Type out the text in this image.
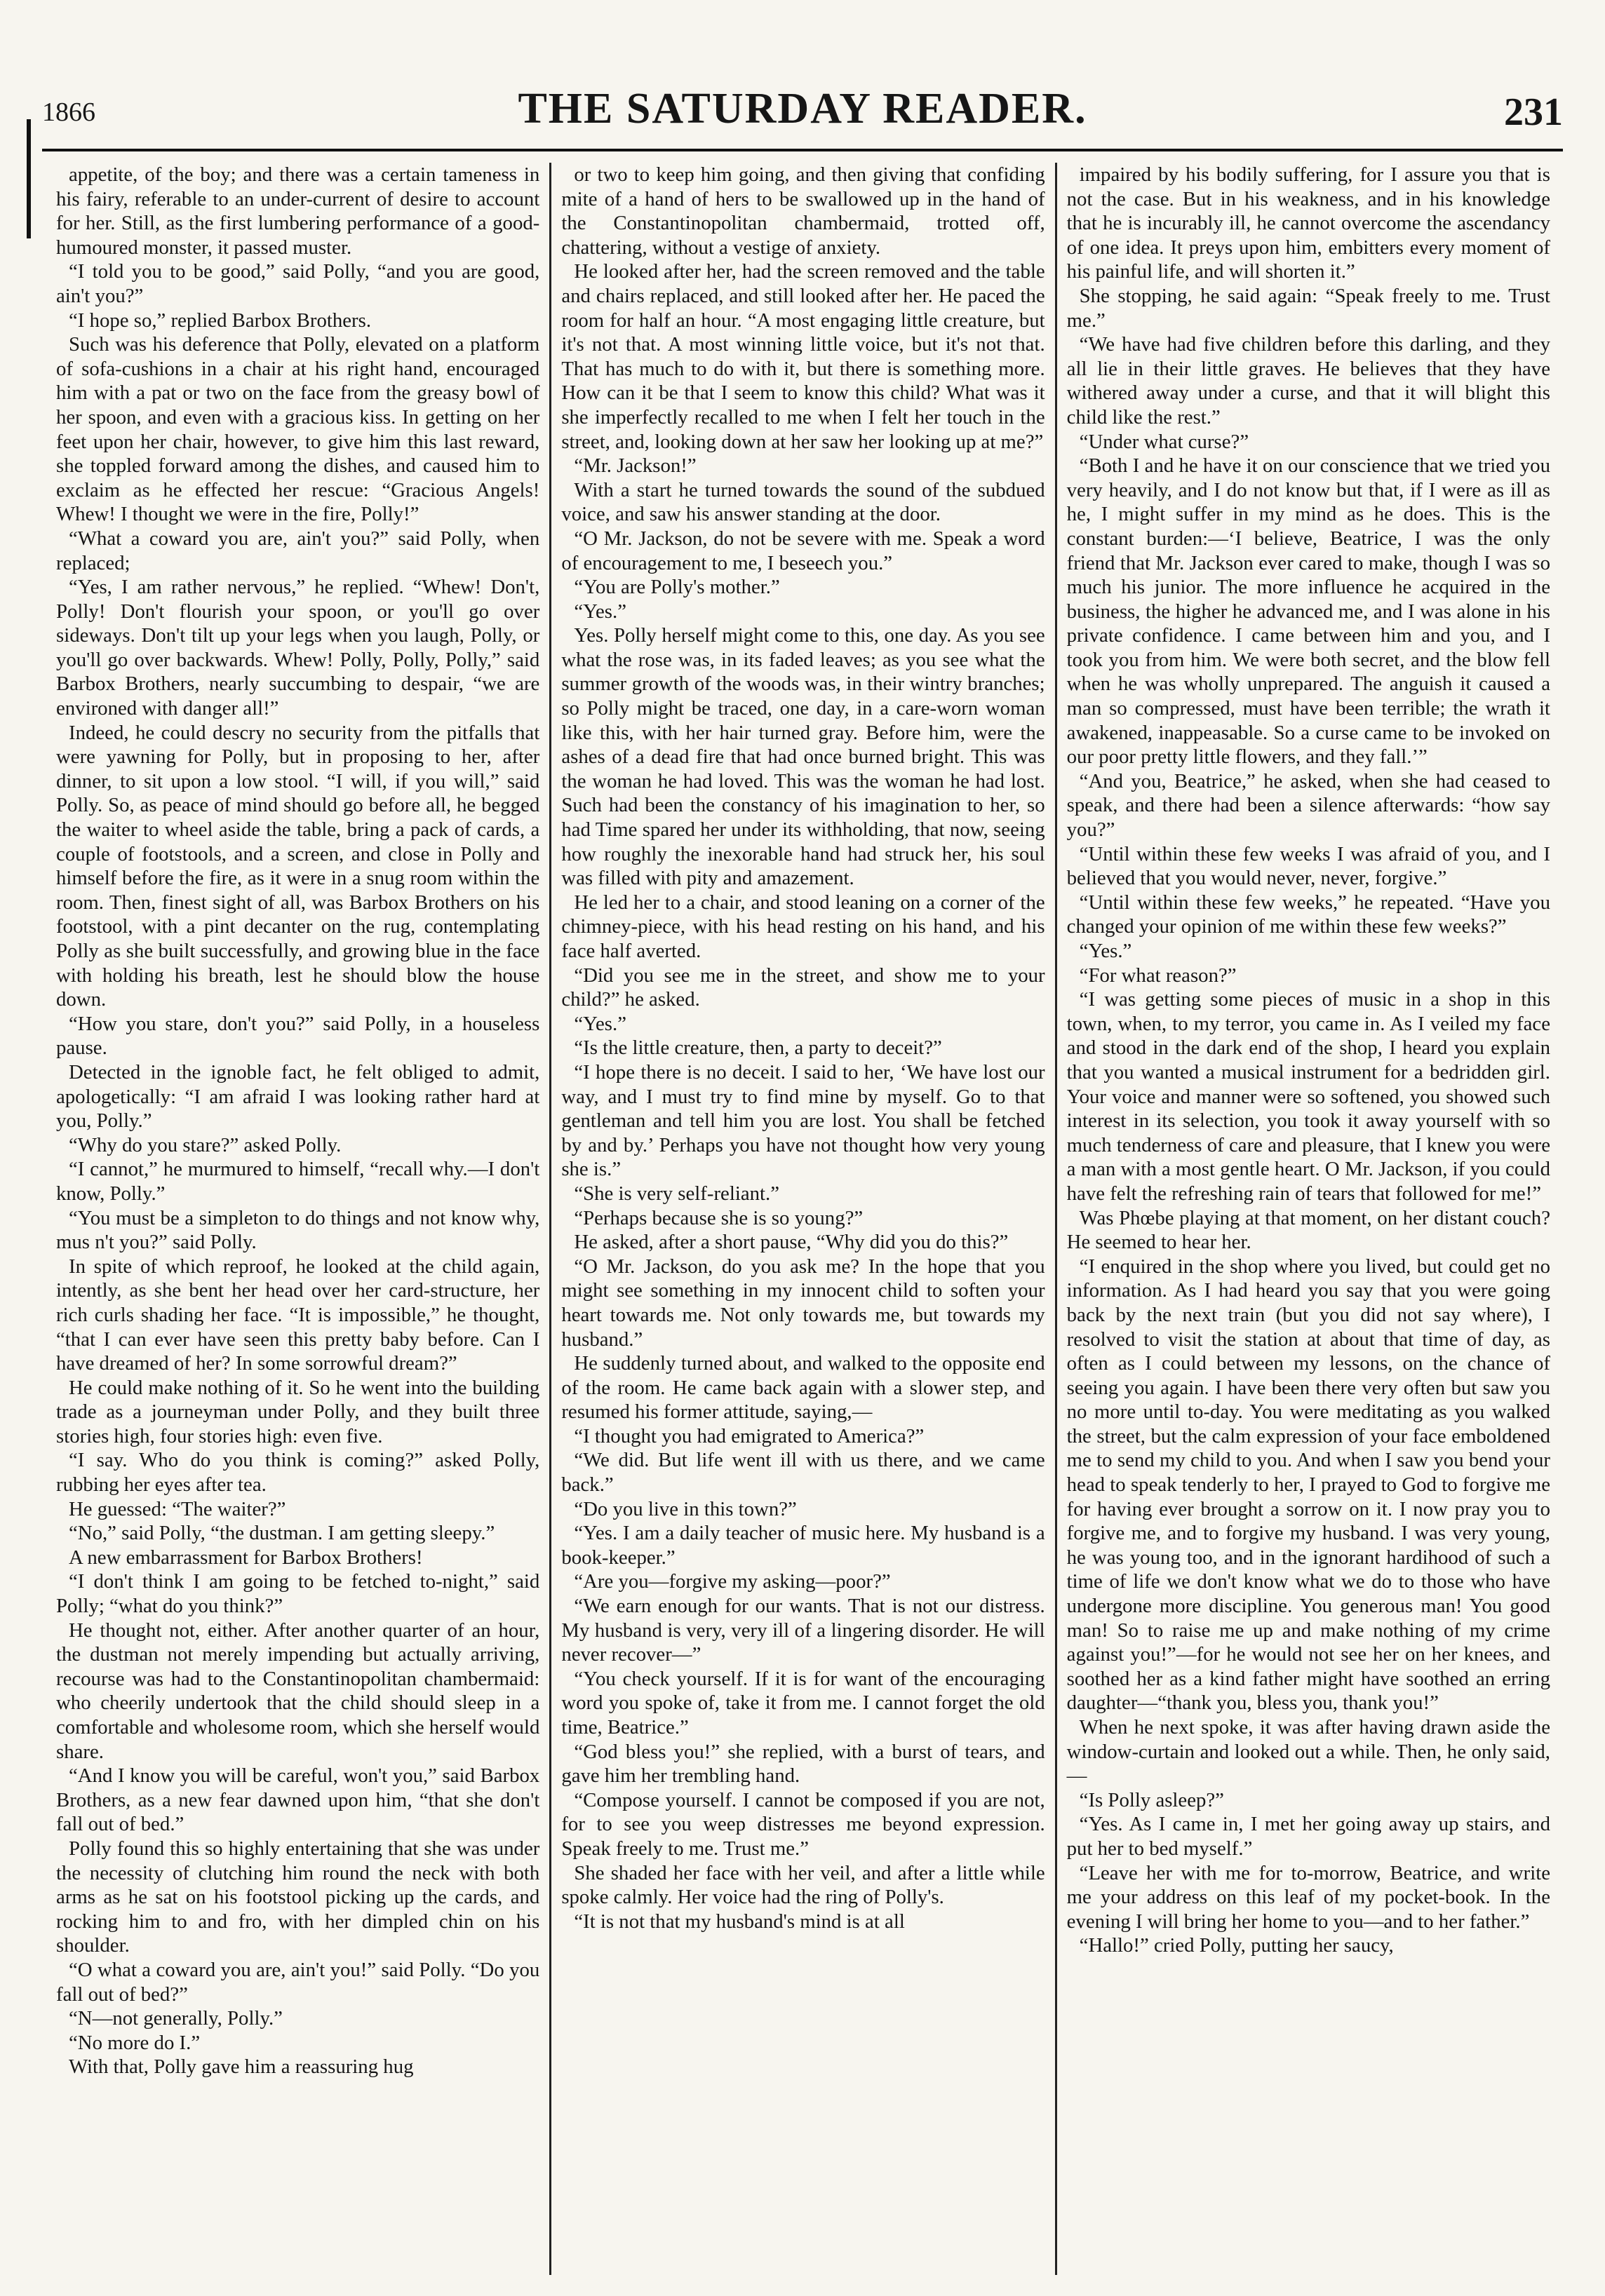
1866	THE SATURDAY READER.	231

appetite, of the boy; and there was a certain tameness in his fairy, referable to an under-current of desire to account for her. Still, as the first lumbering performance of a good-humoured monster, it passed muster.

“I told you to be good,” said Polly, “and you are good, ain't you?”

“I hope so,” replied Barbox Brothers.

Such was his deference that Polly, elevated on a platform of sofa-cushions in a chair at his right hand, encouraged him with a pat or two on the face from the greasy bowl of her spoon, and even with a gracious kiss. In getting on her feet upon her chair, however, to give him this last reward, she toppled forward among the dishes, and caused him to exclaim as he effected her rescue: “Gracious Angels! Whew! I thought we were in the fire, Polly!”

“What a coward you are, ain't you?” said Polly, when replaced;

“Yes, I am rather nervous,” he replied. “Whew! Don't, Polly! Don't flourish your spoon, or you'll go over sideways. Don't tilt up your legs when you laugh, Polly, or you'll go over backwards. Whew! Polly, Polly, Polly,” said Barbox Brothers, nearly succumbing to despair, “we are environed with danger all!”

Indeed, he could descry no security from the pitfalls that were yawning for Polly, but in proposing to her, after dinner, to sit upon a low stool. “I will, if you will,” said Polly. So, as peace of mind should go before all, he begged the waiter to wheel aside the table, bring a pack of cards, a couple of footstools, and a screen, and close in Polly and himself before the fire, as it were in a snug room within the room. Then, finest sight of all, was Barbox Brothers on his footstool, with a pint decanter on the rug, contemplating Polly as she built successfully, and growing blue in the face with holding his breath, lest he should blow the house down.

“How you stare, don't you?” said Polly, in a houseless pause.

Detected in the ignoble fact, he felt obliged to admit, apologetically: “I am afraid I was looking rather hard at you, Polly.”

“Why do you stare?” asked Polly.

“I cannot,” he murmured to himself, “recall why.—I don't know, Polly.”

“You must be a simpleton to do things and not know why, mus n't you?” said Polly.

In spite of which reproof, he looked at the child again, intently, as she bent her head over her card-structure, her rich curls shading her face. “It is impossible,” he thought, “that I can ever have seen this pretty baby before. Can I have dreamed of her? In some sorrowful dream?”

He could make nothing of it. So he went into the building trade as a journeyman under Polly, and they built three stories high, four stories high: even five.

“I say. Who do you think is coming?” asked Polly, rubbing her eyes after tea.

He guessed: “The waiter?”

“No,” said Polly, “the dustman. I am getting sleepy.”

A new embarrassment for Barbox Brothers!

“I don't think I am going to be fetched to-night,” said Polly; “what do you think?”

He thought not, either. After another quarter of an hour, the dustman not merely impending but actually arriving, recourse was had to the Constantinopolitan chambermaid: who cheerily undertook that the child should sleep in a comfortable and wholesome room, which she herself would share.

“And I know you will be careful, won't you,” said Barbox Brothers, as a new fear dawned upon him, “that she don't fall out of bed.”

Polly found this so highly entertaining that she was under the necessity of clutching him round the neck with both arms as he sat on his footstool picking up the cards, and rocking him to and fro, with her dimpled chin on his shoulder.

“O what a coward you are, ain't you!” said Polly. “Do you fall out of bed?”

“N—not generally, Polly.”

“No more do I.”

With that, Polly gave him a reassuring hug

or two to keep him going, and then giving that confiding mite of a hand of hers to be swallowed up in the hand of the Constantinopolitan chambermaid, trotted off, chattering, without a vestige of anxiety.

He looked after her, had the screen removed and the table and chairs replaced, and still looked after her. He paced the room for half an hour. “A most engaging little creature, but it's not that. A most winning little voice, but it's not that. That has much to do with it, but there is something more. How can it be that I seem to know this child? What was it she imperfectly recalled to me when I felt her touch in the street, and, looking down at her saw her looking up at me?”

“Mr. Jackson!”

With a start he turned towards the sound of the subdued voice, and saw his answer standing at the door.

“O Mr. Jackson, do not be severe with me. Speak a word of encouragement to me, I beseech you.”

“You are Polly's mother.”

“Yes.”

Yes. Polly herself might come to this, one day. As you see what the rose was, in its faded leaves; as you see what the summer growth of the woods was, in their wintry branches; so Polly might be traced, one day, in a care-worn woman like this, with her hair turned gray. Before him, were the ashes of a dead fire that had once burned bright. This was the woman he had loved. This was the woman he had lost. Such had been the constancy of his imagination to her, so had Time spared her under its withholding, that now, seeing how roughly the inexorable hand had struck her, his soul was filled with pity and amazement.

He led her to a chair, and stood leaning on a corner of the chimney-piece, with his head resting on his hand, and his face half averted.

“Did you see me in the street, and show me to your child?” he asked.

“Yes.”

“Is the little creature, then, a party to deceit?”

“I hope there is no deceit. I said to her, ‘We have lost our way, and I must try to find mine by myself. Go to that gentleman and tell him you are lost. You shall be fetched by and by.’ Perhaps you have not thought how very young she is.”

“She is very self-reliant.”

“Perhaps because she is so young?”

He asked, after a short pause, “Why did you do this?”

“O Mr. Jackson, do you ask me? In the hope that you might see something in my innocent child to soften your heart towards me. Not only towards me, but towards my husband.”

He suddenly turned about, and walked to the opposite end of the room. He came back again with a slower step, and resumed his former attitude, saying,—

“I thought you had emigrated to America?”

“We did. But life went ill with us there, and we came back.”

“Do you live in this town?”

“Yes. I am a daily teacher of music here. My husband is a book-keeper.”

“Are you—forgive my asking—poor?”

“We earn enough for our wants. That is not our distress. My husband is very, very ill of a lingering disorder. He will never recover—”

“You check yourself. If it is for want of the encouraging word you spoke of, take it from me. I cannot forget the old time, Beatrice.”

“God bless you!” she replied, with a burst of tears, and gave him her trembling hand.

“Compose yourself. I cannot be composed if you are not, for to see you weep distresses me beyond expression. Speak freely to me. Trust me.”

She shaded her face with her veil, and after a little while spoke calmly. Her voice had the ring of Polly's.

“It is not that my husband's mind is at all

impaired by his bodily suffering, for I assure you that is not the case. But in his weakness, and in his knowledge that he is incurably ill, he cannot overcome the ascendancy of one idea. It preys upon him, embitters every moment of his painful life, and will shorten it.”

She stopping, he said again: “Speak freely to me. Trust me.”

“We have had five children before this darling, and they all lie in their little graves. He believes that they have withered away under a curse, and that it will blight this child like the rest.”

“Under what curse?”

“Both I and he have it on our conscience that we tried you very heavily, and I do not know but that, if I were as ill as he, I might suffer in my mind as he does. This is the constant burden:—‘I believe, Beatrice, I was the only friend that Mr. Jackson ever cared to make, though I was so much his junior. The more influence he acquired in the business, the higher he advanced me, and I was alone in his private confidence. I came between him and you, and I took you from him. We were both secret, and the blow fell when he was wholly unprepared. The anguish it caused a man so compressed, must have been terrible; the wrath it awakened, inappeasable. So a curse came to be invoked on our poor pretty little flowers, and they fall.’”

“And you, Beatrice,” he asked, when she had ceased to speak, and there had been a silence afterwards: “how say you?”

“Until within these few weeks I was afraid of you, and I believed that you would never, never, forgive.”

“Until within these few weeks,” he repeated. “Have you changed your opinion of me within these few weeks?”

“Yes.”

“For what reason?”

“I was getting some pieces of music in a shop in this town, when, to my terror, you came in. As I veiled my face and stood in the dark end of the shop, I heard you explain that you wanted a musical instrument for a bedridden girl. Your voice and manner were so softened, you showed such interest in its selection, you took it away yourself with so much tenderness of care and pleasure, that I knew you were a man with a most gentle heart. O Mr. Jackson, if you could have felt the refreshing rain of tears that followed for me!”

Was Phœbe playing at that moment, on her distant couch? He seemed to hear her.

“I enquired in the shop where you lived, but could get no information. As I had heard you say that you were going back by the next train (but you did not say where), I resolved to visit the station at about that time of day, as often as I could between my lessons, on the chance of seeing you again. I have been there very often but saw you no more until to-day. You were meditating as you walked the street, but the calm expression of your face emboldened me to send my child to you. And when I saw you bend your head to speak tenderly to her, I prayed to God to forgive me for having ever brought a sorrow on it. I now pray you to forgive me, and to forgive my husband. I was very young, he was young too, and in the ignorant hardihood of such a time of life we don't know what we do to those who have undergone more discipline. You generous man! You good man! So to raise me up and make nothing of my crime against you!”—for he would not see her on her knees, and soothed her as a kind father might have soothed an erring daughter—“thank you, bless you, thank you!”

When he next spoke, it was after having drawn aside the window-curtain and looked out a while. Then, he only said,—

“Is Polly asleep?”

“Yes. As I came in, I met her going away up stairs, and put her to bed myself.”

“Leave her with me for to-morrow, Beatrice, and write me your address on this leaf of my pocket-book. In the evening I will bring her home to you—and to her father.”

“Hallo!” cried Polly, putting her saucy,
